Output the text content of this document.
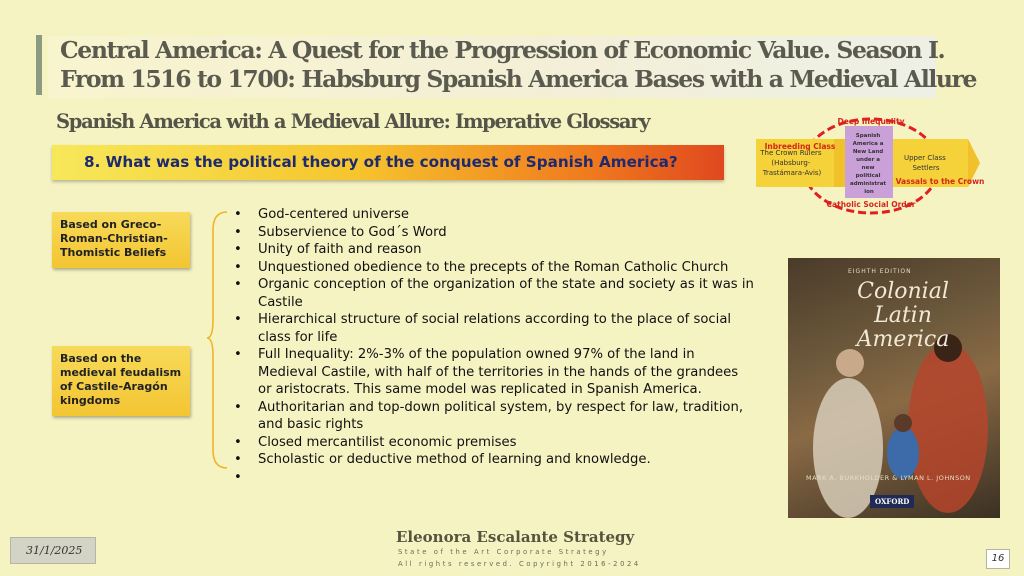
Central America: A Quest for the Progression of Economic Value. Season I.
From 1516 to 1700: Habsburg Spanish America Bases with a Medieval Allure
Spanish America with a Medieval Allure: Imperative Glossary
8. What was the political theory of the conquest of Spanish America?
Based on Greco-Roman-Christian-Thomistic Beliefs
Based on the medieval feudalism of Castile-Aragón kingdoms
• God-centered universe
• Subservience to God´s Word
• Unity of faith and reason
• Unquestioned obedience to the precepts of the Roman Catholic Church
• Organic conception of the organization of the state and society as it was in Castile
• Hierarchical structure of social relations according to the place of social class for life
• Full Inequality: 2%-3% of the population owned 97% of the land in Medieval Castile, with half of the territories in the hands of the grandees or aristocrats. This same model was replicated in Spanish America.
• Authoritarian and top-down political system, by respect for law, tradition, and basic rights
• Closed mercantilist economic premises
• Scholastic or deductive method of learning and knowledge.
•
Deep Inequality
Inbreeding Class
Vassals to the Crown
Catholic Social Order
The Crown Rulers (Habsburg- Trastámara-Avis)
Upper Class Settlers
Spanish America a New Land under a new political administrat ion
EIGHTH EDITION
Colonial
Latin America
MARK A. BURKHOLDER & LYMAN L. JOHNSON
OXFORD
Eleonora Escalante Strategy
State of the Art Corporate Strategy
All rights reserved. Copyright 2016-2024
31/1/2025
16
